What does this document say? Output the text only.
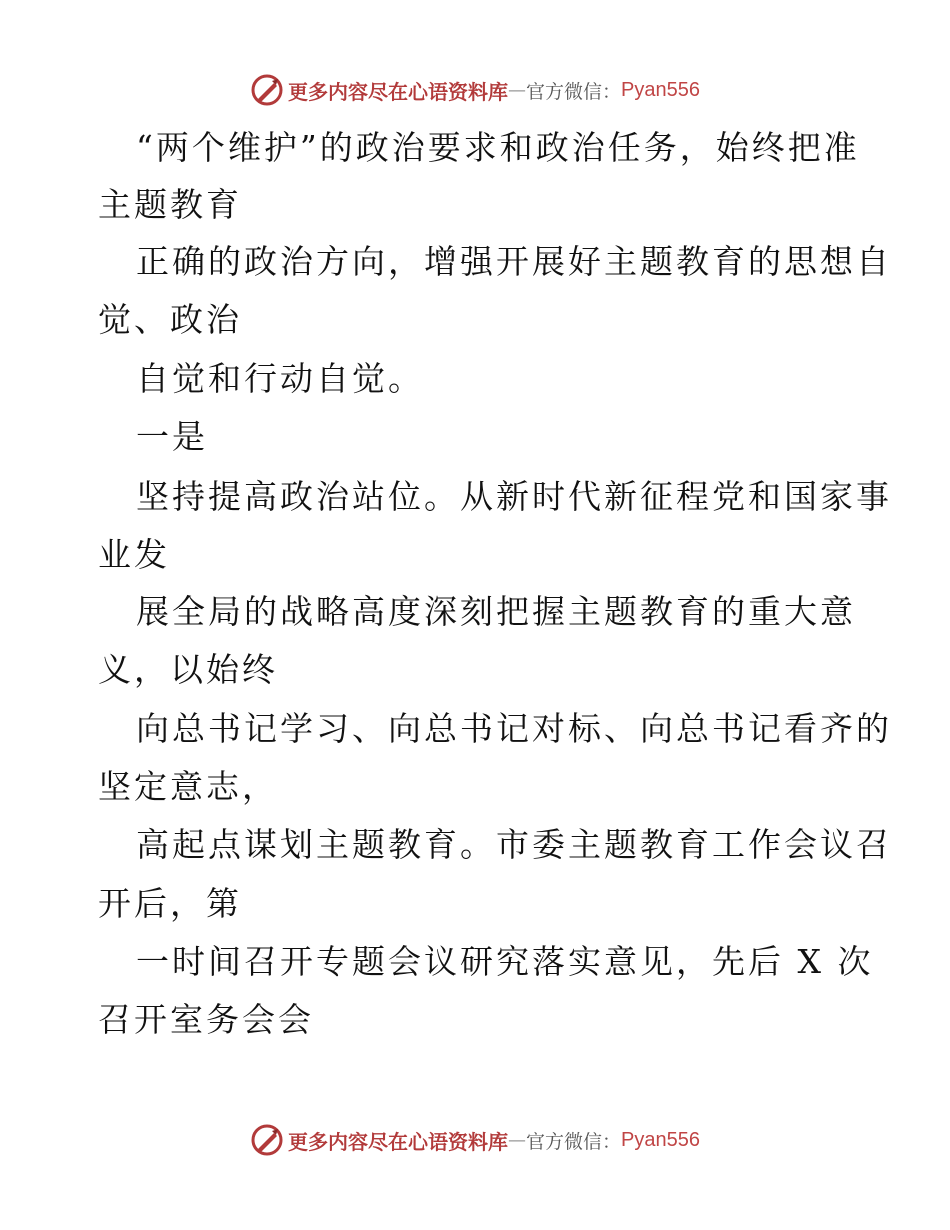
更多内容尽在心语资料库 — 官方微信： Pyan556
“两个维护”的政治要求和政治任务，始终把准
主题教育
正确的政治方向，增强开展好主题教育的思想自
觉、政治
自觉和行动自觉。
一是
坚持提高政治站位。从新时代新征程党和国家事
业发
展全局的战略高度深刻把握主题教育的重大意
义，以始终
向总书记学习、向总书记对标、向总书记看齐的
坚定意志，
高起点谋划主题教育。市委主题教育工作会议召
开后，第
一时间召开专题会议研究落实意见，先后 X 次
召开室务会会
更多内容尽在心语资料库 — 官方微信： Pyan556
